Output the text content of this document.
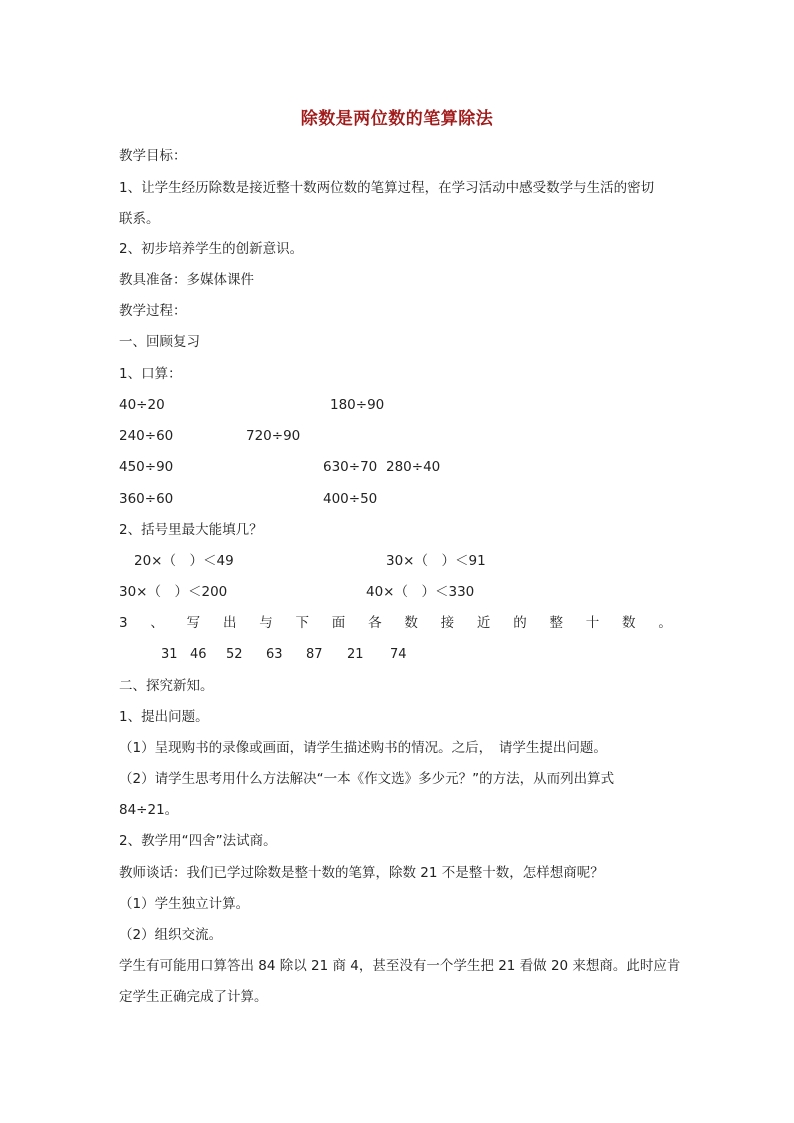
除数是两位数的笔算除法
教学目标：
1、让学生经历除数是接近整十数两位数的笔算过程，在学习活动中感受数学与生活的密切
联系。
2、初步培养学生的创新意识。
教具准备：多媒体课件
教学过程：
一、回顾复习
1、口算：
40÷20	180÷90
240÷60	720÷90
450÷90	630÷70 280÷40
360÷60	400÷50
2、括号里最大能填几？
20×（　）＜49	30×（　）＜91
30×（　）＜200	40×（　）＜330
3 、 写 出 与 下 面 各 数 接 近 的 整 十 数 。
31 46 52 63 87 21 74
二、探究新知。
1、提出问题。
（1）呈现购书的录像或画面，请学生描述购书的情况。之后，　请学生提出问题。
（2）请学生思考用什么方法解决“一本《作文选》多少元？”的方法，从而列出算式
84÷21。
2、教学用“四舍”法试商。
教师谈话：我们已学过除数是整十数的笔算，除数 21 不是整十数，怎样想商呢？
（1）学生独立计算。
（2）组织交流。
学生有可能用口算答出 84 除以 21 商 4，甚至没有一个学生把 21 看做 20 来想商。此时应肯
定学生正确完成了计算。
